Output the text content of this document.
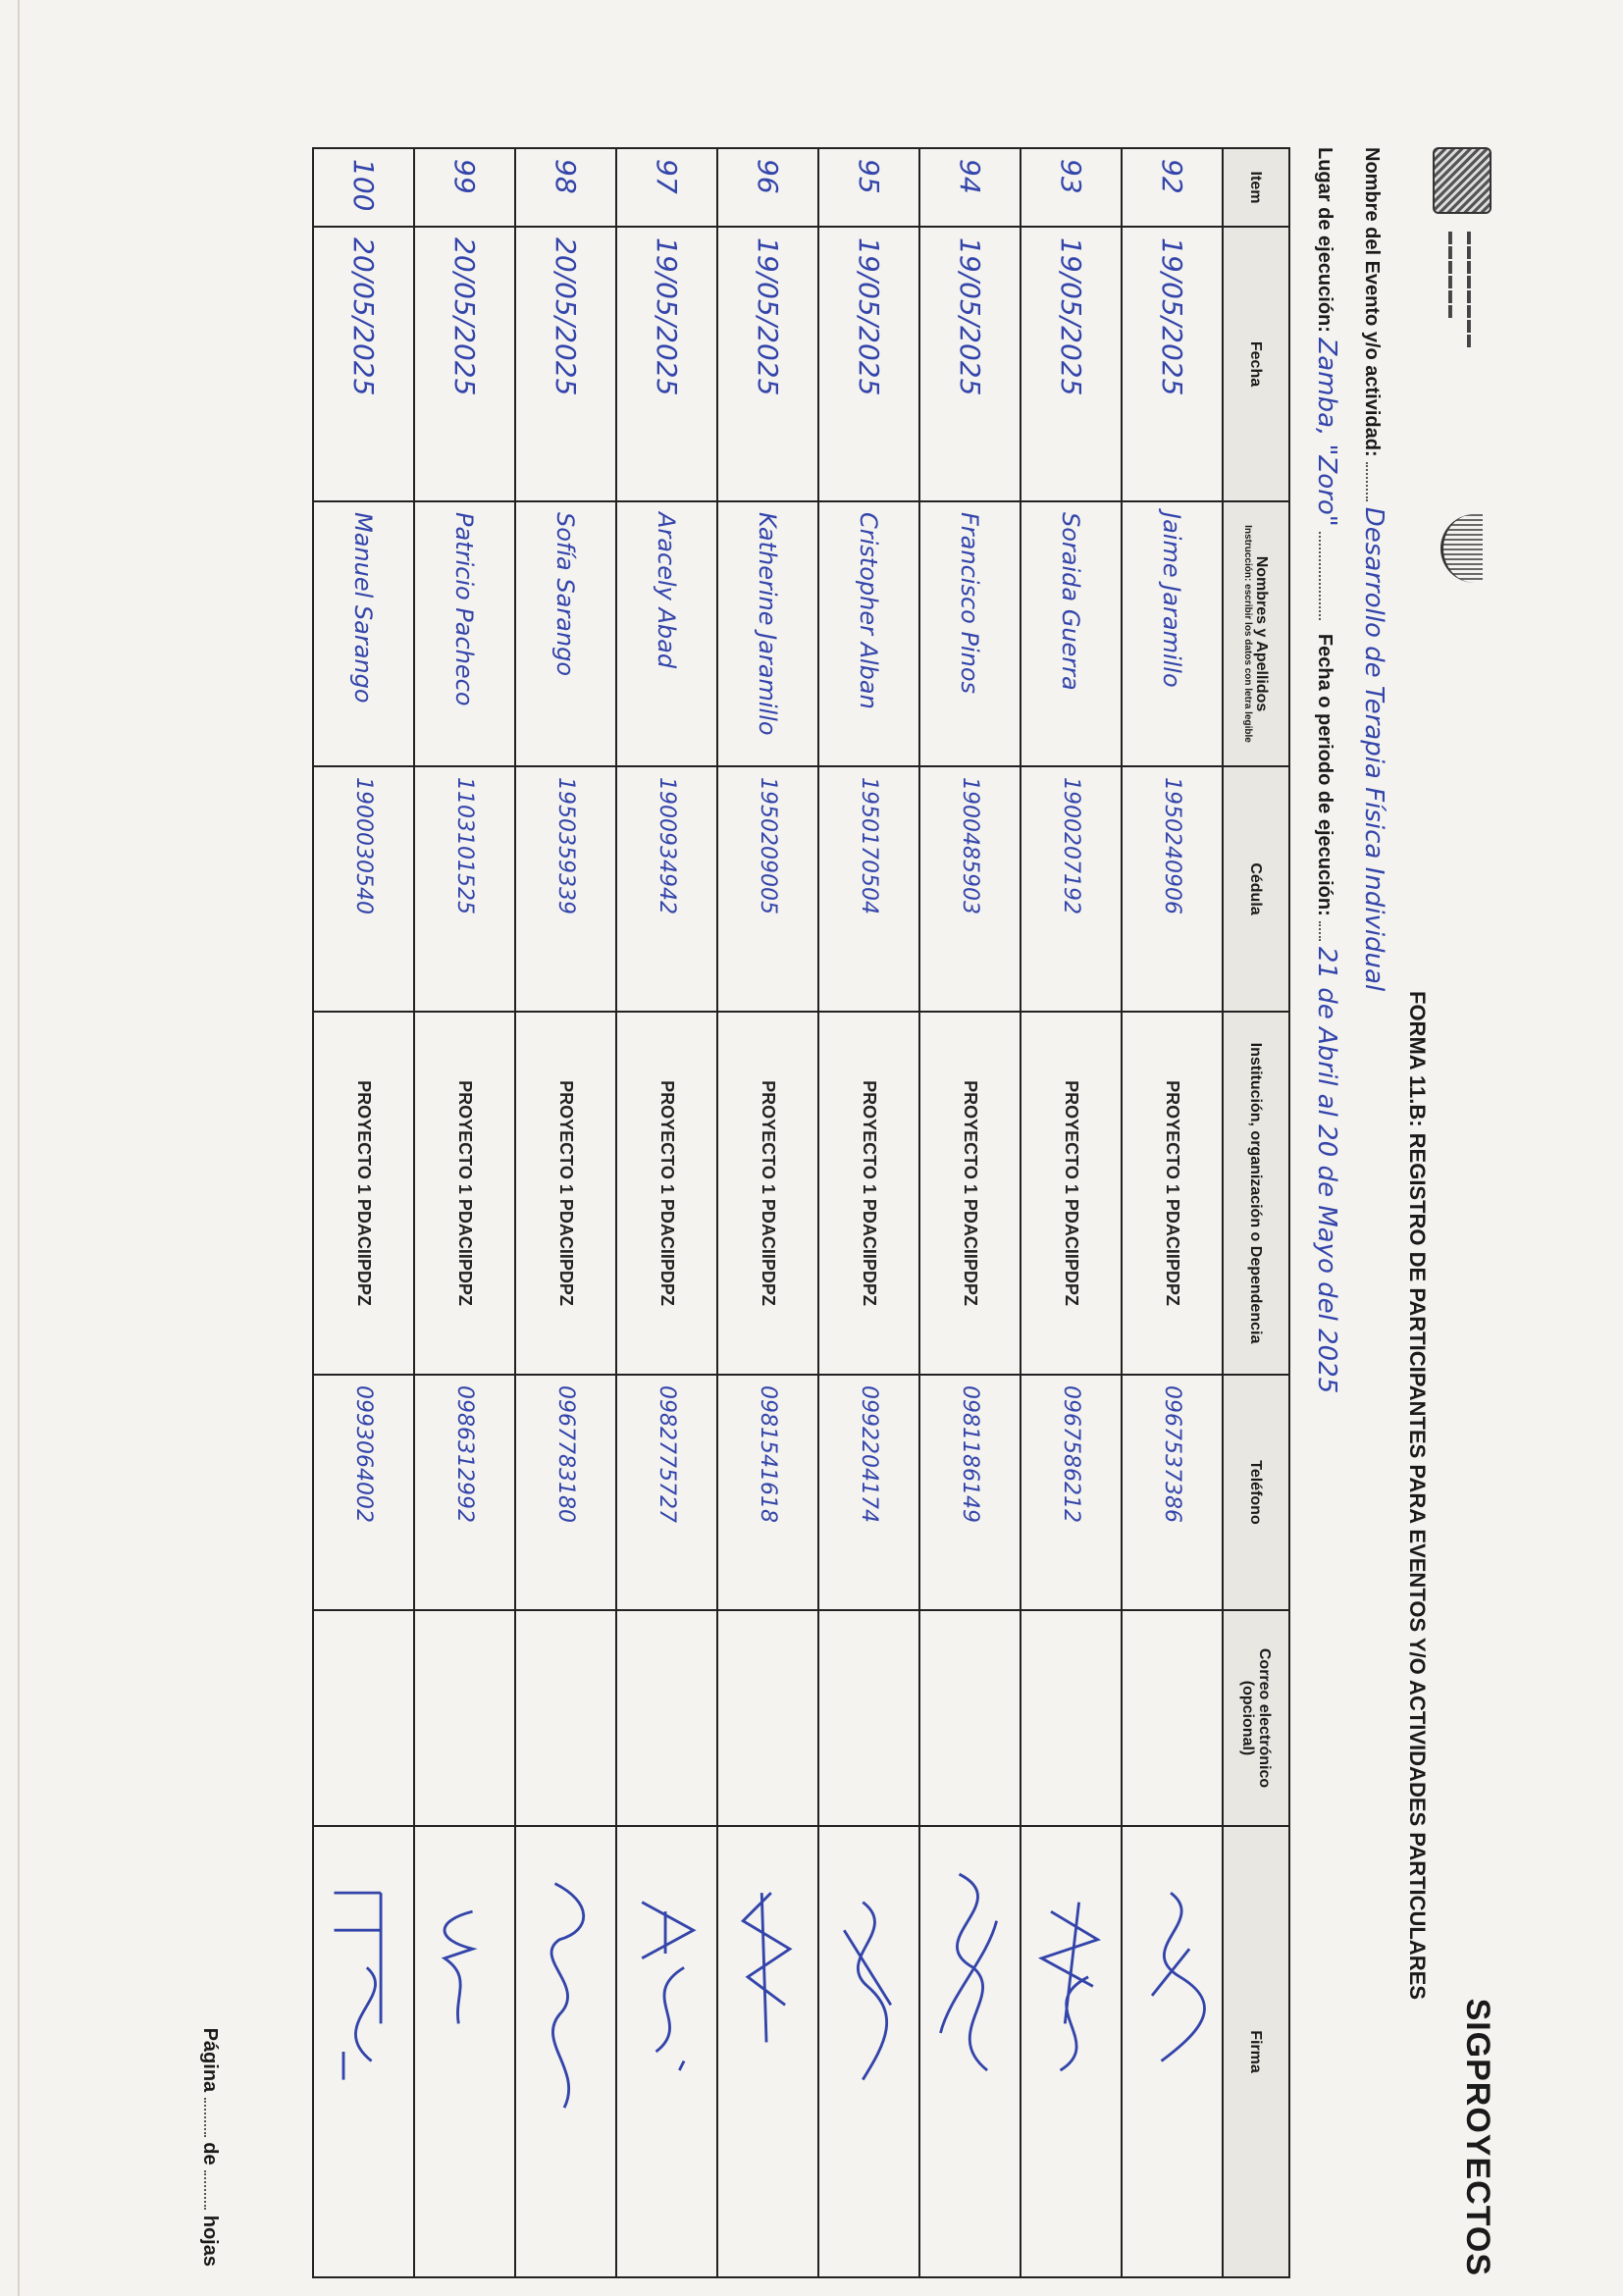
▬▬▬▬▬▬▬▬
▬▬▬▬▬▬
SIGPROYECTOS
FORMA 11.B: REGISTRO DE PARTICIPANTES PARA EVENTOS Y/O ACTIVIDADES PARTICULARES
Nombre del Evento y/o actividad:  Desarrollo de Terapia Física Individual
Lugar de ejecución: Zamba, "Zoro"  Fecha o periodo de ejecución:  21 de Abril al 20 de Mayo del 2025
Item	Fecha	Nombres y Apellidos
Instrucción: escribir los datos con letra legible	Cédula	Institución, organización o Dependencia	Teléfono	Correo electrónico (opcional)	Firma
92	19/05/2025	Jaime Jaramillo	1950240906	PROYECTO 1 PDACIIPDPZ	0967537386		

93	19/05/2025	Soraida Guerra	1900207192	PROYECTO 1 PDACIIPDPZ	0967586212		

94	19/05/2025	Francisco Pinos	1900485903	PROYECTO 1 PDACIIPDPZ	0981186149		

95	19/05/2025	Cristopher Alban	1950170504	PROYECTO 1 PDACIIPDPZ	0992204174		

96	19/05/2025	Katherine Jaramillo	1950209005	PROYECTO 1 PDACIIPDPZ	0981541618		

97	19/05/2025	Aracely Abad	1900934942	PROYECTO 1 PDACIIPDPZ	0982775727		

98	20/05/2025	Sofía Sarango	1950359339	PROYECTO 1 PDACIIPDPZ	0967783180		

99	20/05/2025	Patricio Pacheco	1103101525	PROYECTO 1 PDACIIPDPZ	0986312992		

100	20/05/2025	Manuel Sarango	1900030540	PROYECTO 1 PDACIIPDPZ	0993064002		
Página  de  hojas
